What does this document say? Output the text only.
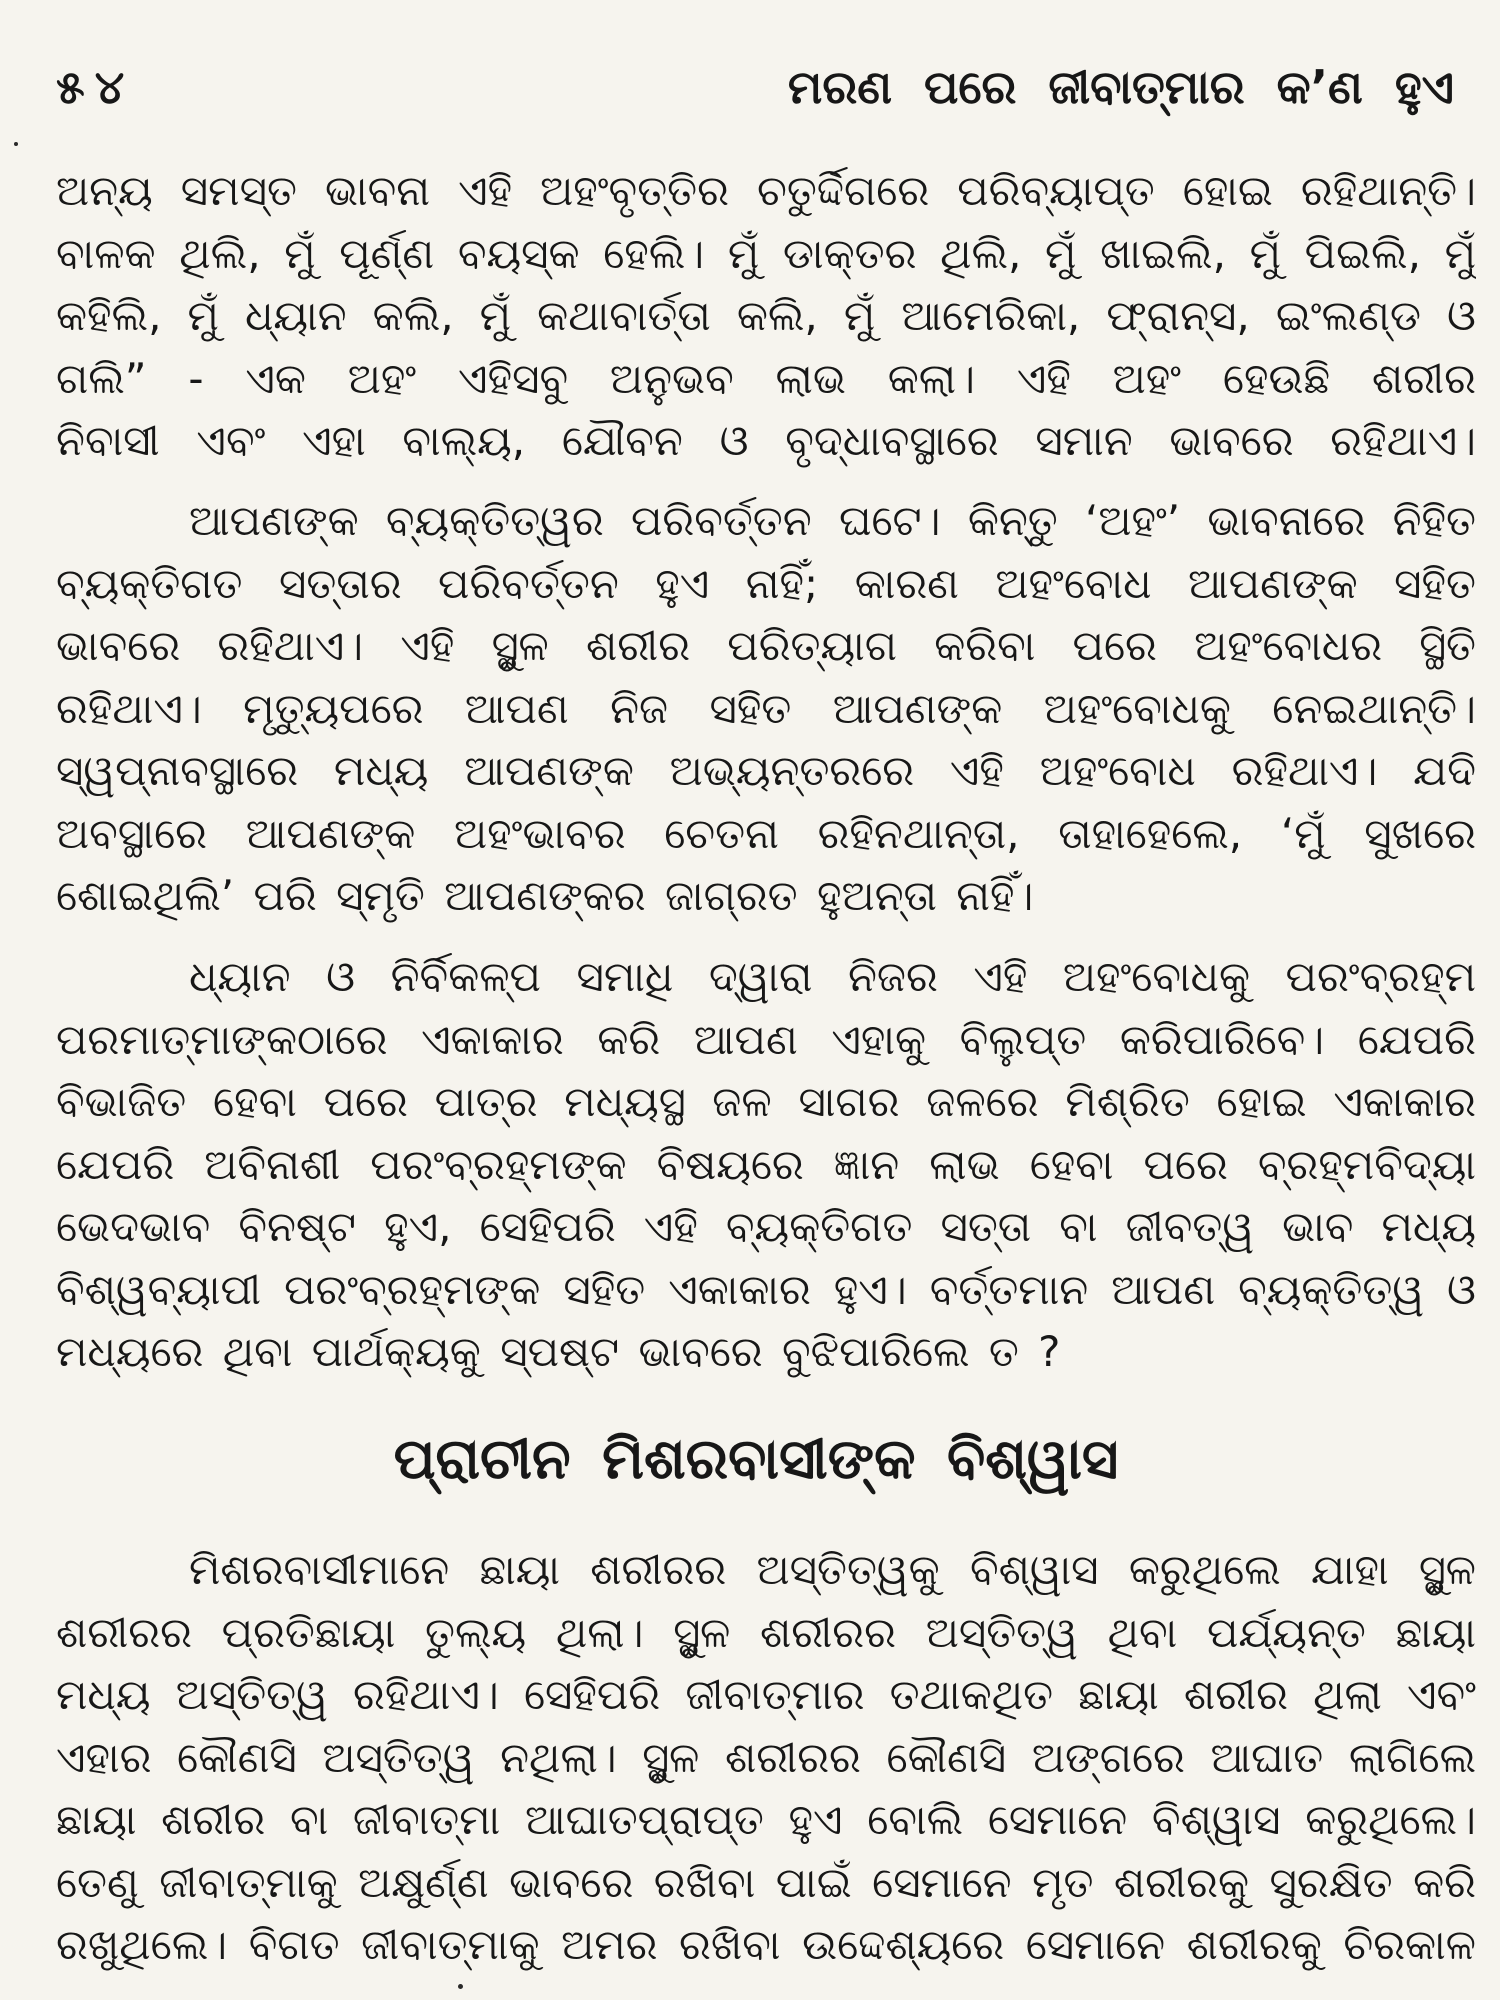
୫୪	ମରଣ ପରେ ଜୀବାତ୍ମାର କ’ଣ ହୁଏ
ଅନ୍ୟ ସମସ୍ତ ଭାବନା ଏହି ଅହଂବୃତ୍ତିର ଚତୁର୍ଦ୍ଦିଗରେ ପରିବ୍ୟାପ୍ତ ହୋଇ ରହିଥାନ୍ତି।
ବାଳକ ଥିଲି, ମୁଁ ପୂର୍ଣ୍ଣ ବୟସ୍କ ହେଲି। ମୁଁ ଡାକ୍ତର ଥିଲି, ମୁଁ ଖାଇଲି, ମୁଁ ପିଇଲି, ମୁଁ
କହିଲି, ମୁଁ ଧ୍ୟାନ କଲି, ମୁଁ କଥାବାର୍ତ୍ତା କଲି, ମୁଁ ଆମେରିକା, ଫ୍ରାନ୍‌ସ, ଇଂଲଣ୍ଡ ଓ
ଗଲି” - ଏକ ଅହଂ ଏହିସବୁ ଅନୁଭବ ଲାଭ କଲା। ଏହି ଅହଂ ହେଉଛି ଶରୀର
ନିବାସୀ ଏବଂ ଏହା ବାଲ୍ୟ, ଯୌବନ ଓ ବୃଦ୍ଧାବସ୍ଥାରେ ସମାନ ଭାବରେ ରହିଥାଏ।
ଆପଣଙ୍କ ବ୍ୟକ୍ତିତ୍ୱର ପରିବର୍ତ୍ତନ ଘଟେ। କିନ୍ତୁ ‘ଅହଂ’ ଭାବନାରେ ନିହିତ
ବ୍ୟକ୍ତିଗତ ସତ୍ତାର ପରିବର୍ତ୍ତନ ହୁଏ ନାହିଁ; କାରଣ ଅହଂବୋଧ ଆପଣଙ୍କ ସହିତ
ଭାବରେ ରହିଥାଏ। ଏହି ସ୍ଥୁଳ ଶରୀର ପରିତ୍ୟାଗ କରିବା ପରେ ଅହଂବୋଧର ସ୍ଥିତି
ରହିଥାଏ। ମୃତ୍ୟୁପରେ ଆପଣ ନିଜ ସହିତ ଆପଣଙ୍କ ଅହଂବୋଧକୁ ନେଇଥାନ୍ତି।
ସ୍ୱପ୍ନାବସ୍ଥାରେ ମଧ୍ୟ ଆପଣଙ୍କ ଅଭ୍ୟନ୍ତରରେ ଏହି ଅହଂବୋଧ ରହିଥାଏ। ଯଦି
ଅବସ୍ଥାରେ ଆପଣଙ୍କ ଅହଂଭାବର ଚେତନା ରହିନଥାନ୍ତା, ତାହାହେଲେ, ‘ମୁଁ ସୁଖରେ
ଶୋଇଥିଲି’ ପରି ସ୍ମୃତି ଆପଣଙ୍କର ଜାଗ୍ରତ ହୁଅନ୍ତା ନାହିଁ।
ଧ୍ୟାନ ଓ ନିର୍ବିକଳ୍ପ ସମାଧି ଦ୍ୱାରା ନିଜର ଏହି ଅହଂବୋଧକୁ ପରଂବ୍ରହ୍ମ
ପରମାତ୍ମାଙ୍କଠାରେ ଏକାକାର କରି ଆପଣ ଏହାକୁ ବିଲୁପ୍ତ କରିପାରିବେ। ଯେପରି
ବିଭାଜିତ ହେବା ପରେ ପାତ୍ର ମଧ୍ୟସ୍ଥ ଜଳ ସାଗର ଜଳରେ ମିଶ୍ରିତ ହୋଇ ଏକାକାର
ଯେପରି ଅବିନାଶୀ ପରଂବ୍ରହ୍ମଙ୍କ ବିଷୟରେ ଜ୍ଞାନ ଲାଭ ହେବା ପରେ ବ୍ରହ୍ମବିଦ୍ୟା
ଭେଦଭାବ ବିନଷ୍ଟ ହୁଏ, ସେହିପରି ଏହି ବ୍ୟକ୍ତିଗତ ସତ୍ତା ବା ଜୀବତ୍ୱ ଭାବ ମଧ୍ୟ
ବିଶ୍ୱବ୍ୟାପୀ ପରଂବ୍ରହ୍ମଙ୍କ ସହିତ ଏକାକାର ହୁଏ। ବର୍ତ୍ତମାନ ଆପଣ ବ୍ୟକ୍ତିତ୍ୱ ଓ
ମଧ୍ୟରେ ଥିବା ପାର୍ଥକ୍ୟକୁ ସ୍ପଷ୍ଟ ଭାବରେ ବୁଝିପାରିଲେ ତ ?
ପ୍ରାଚୀନ ମିଶରବାସୀଙ୍କ ବିଶ୍ୱାସ
ମିଶରବାସୀମାନେ ଛାୟା ଶରୀରର ଅସ୍ତିତ୍ୱକୁ ବିଶ୍ୱାସ କରୁଥିଲେ ଯାହା ସ୍ଥୁଳ
ଶରୀରର ପ୍ରତିଛାୟା ତୁଲ୍ୟ ଥିଲା। ସ୍ଥୁଳ ଶରୀରର ଅସ୍ତିତ୍ୱ ଥିବା ପର୍ଯ୍ୟନ୍ତ ଛାୟା
ମଧ୍ୟ ଅସ୍ତିତ୍ୱ ରହିଥାଏ। ସେହିପରି ଜୀବାତ୍ମାର ତଥାକଥିତ ଛାୟା ଶରୀର ଥିଲା ଏବଂ
ଏହାର କୌଣସି ଅସ୍ତିତ୍ୱ ନଥିଲା। ସ୍ଥୁଳ ଶରୀରର କୌଣସି ଅଙ୍ଗରେ ଆଘାତ ଲାଗିଲେ
ଛାୟା ଶରୀର ବା ଜୀବାତ୍ମା ଆଘାତପ୍ରାପ୍ତ ହୁଏ ବୋଲି ସେମାନେ ବିଶ୍ୱାସ କରୁଥିଲେ।
ତେଣୁ ଜୀବାତ୍ମାକୁ ଅକ୍ଷୁର୍ଣ୍ଣ ଭାବରେ ରଖିବା ପାଇଁ ସେମାନେ ମୃତ ଶରୀରକୁ ସୁରକ୍ଷିତ କରି
ରଖୁଥିଲେ। ବିଗତ ଜୀବାତ୍ମାକୁ ଅମର ରଖିବା ଉଦ୍ଦେଶ୍ୟରେ ସେମାନେ ଶରୀରକୁ ଚିରକାଳ
